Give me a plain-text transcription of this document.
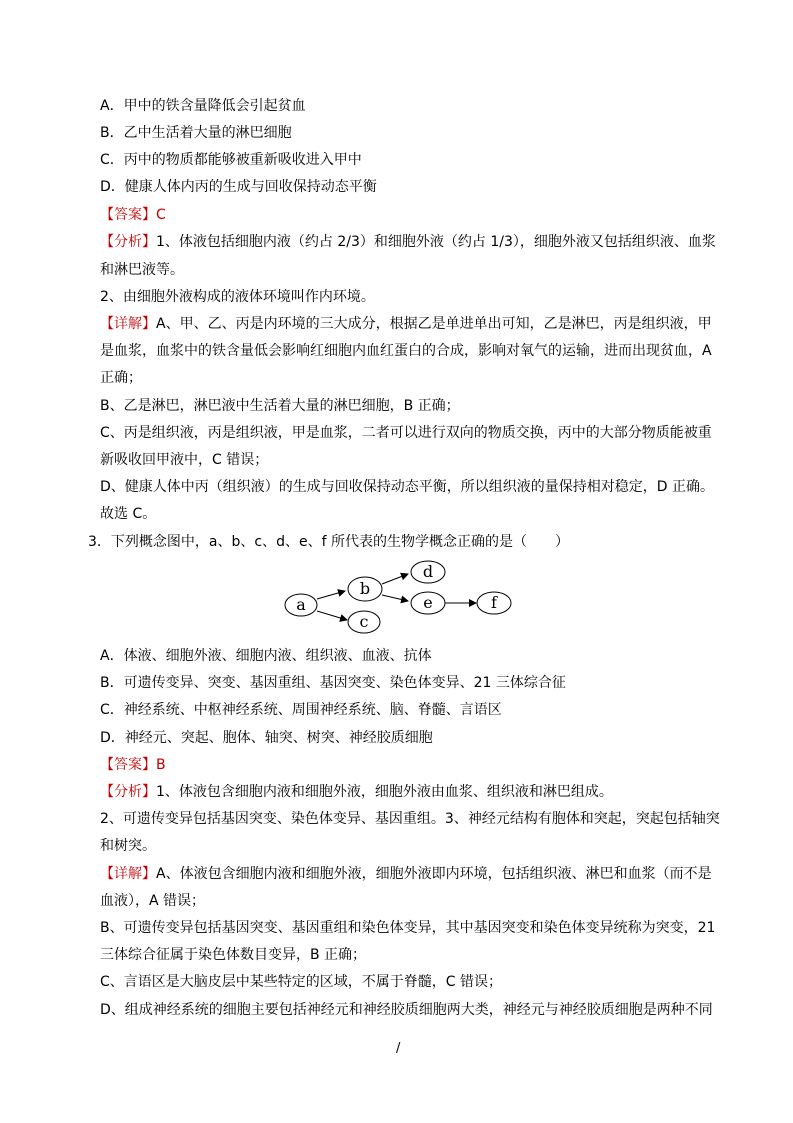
A．甲中的铁含量降低会引起贫血
B．乙中生活着大量的淋巴细胞
C．丙中的物质都能够被重新吸收进入甲中
D．健康人体内丙的生成与回收保持动态平衡
【答案】C
【分析】1、体液包括细胞内液（约占 2/3）和细胞外液（约占 1/3），细胞外液又包括组织液、血浆
和淋巴液等。
2、由细胞外液构成的液体环境叫作内环境。
【详解】A、甲、乙、丙是内环境的三大成分，根据乙是单进单出可知，乙是淋巴，丙是组织液，甲
是血浆，血浆中的铁含量低会影响红细胞内血红蛋白的合成，影响对氧气的运输，进而出现贫血，A
正确；
B、乙是淋巴，淋巴液中生活着大量的淋巴细胞，B 正确；
C、丙是组织液，丙是组织液，甲是血浆，二者可以进行双向的物质交换，丙中的大部分物质能被重
新吸收回甲液中，C 错误；
D、健康人体中丙（组织液）的生成与回收保持动态平衡，所以组织液的量保持相对稳定，D 正确。
故选 C。
3．下列概念图中，a、b、c、d、e、f 所代表的生物学概念正确的是（　　）
a
b
c
d
e	f
A．体液、细胞外液、细胞内液、组织液、血液、抗体
B．可遗传变异、突变、基因重组、基因突变、染色体变异、21 三体综合征
C．神经系统、中枢神经系统、周围神经系统、脑、脊髓、言语区
D．神经元、突起、胞体、轴突、树突、神经胶质细胞
【答案】B
【分析】1、体液包含细胞内液和细胞外液，细胞外液由血浆、组织液和淋巴组成。
2、可遗传变异包括基因突变、染色体变异、基因重组。3、神经元结构有胞体和突起，突起包括轴突
和树突。
【详解】A、体液包含细胞内液和细胞外液，细胞外液即内环境，包括组织液、淋巴和血浆（而不是
血液），A 错误；
B、可遗传变异包括基因突变、基因重组和染色体变异，其中基因突变和染色体变异统称为突变，21
三体综合征属于染色体数目变异，B 正确；
C、言语区是大脑皮层中某些特定的区域，不属于脊髓，C 错误；
D、组成神经系统的细胞主要包括神经元和神经胶质细胞两大类，神经元与神经胶质细胞是两种不同
/
